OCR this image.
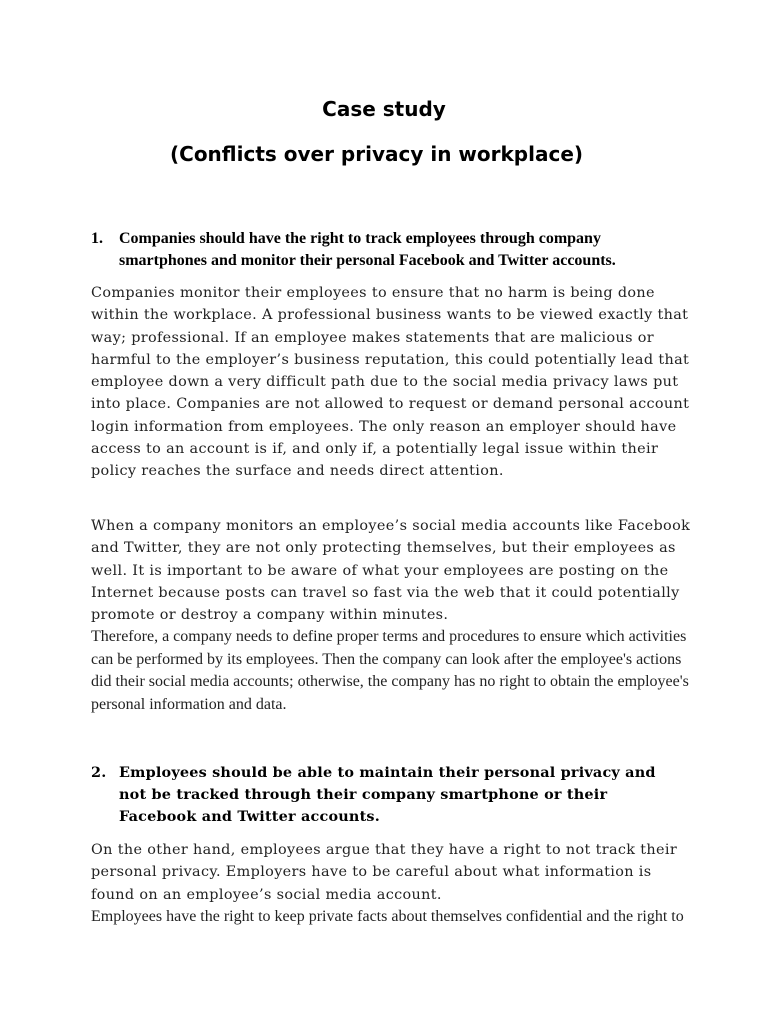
Case study
(Conflicts over privacy in workplace)
1. Companies should have the right to track employees through company smartphones and monitor their personal Facebook and Twitter accounts.

Companies monitor their employees to ensure that no harm is being done within the workplace. A professional business wants to be viewed exactly that way; professional. If an employee makes statements that are malicious or harmful to the employer’s business reputation, this could potentially lead that employee down a very difficult path due to the social media privacy laws put into place. Companies are not allowed to request or demand personal account login information from employees. The only reason an employer should have access to an account is if, and only if, a potentially legal issue within their policy reaches the surface and needs direct attention.

When a company monitors an employee’s social media accounts like Facebook and Twitter, they are not only protecting themselves, but their employees as well. It is important to be aware of what your employees are posting on the Internet because posts can travel so fast via the web that it could potentially promote or destroy a company within minutes.
Therefore, a company needs to define proper terms and procedures to ensure which activities can be performed by its employees. Then the company can look after the employee's actions did their social media accounts; otherwise, the company has no right to obtain the employee's personal information and data.
2. Employees should be able to maintain their personal privacy and not be tracked through their company smartphone or their Facebook and Twitter accounts.
On the other hand, employees argue that they have a right to not track their personal privacy. Employers have to be careful about what information is found on an employee’s social media account.
Employees have the right to keep private facts about themselves confidential and the right to
